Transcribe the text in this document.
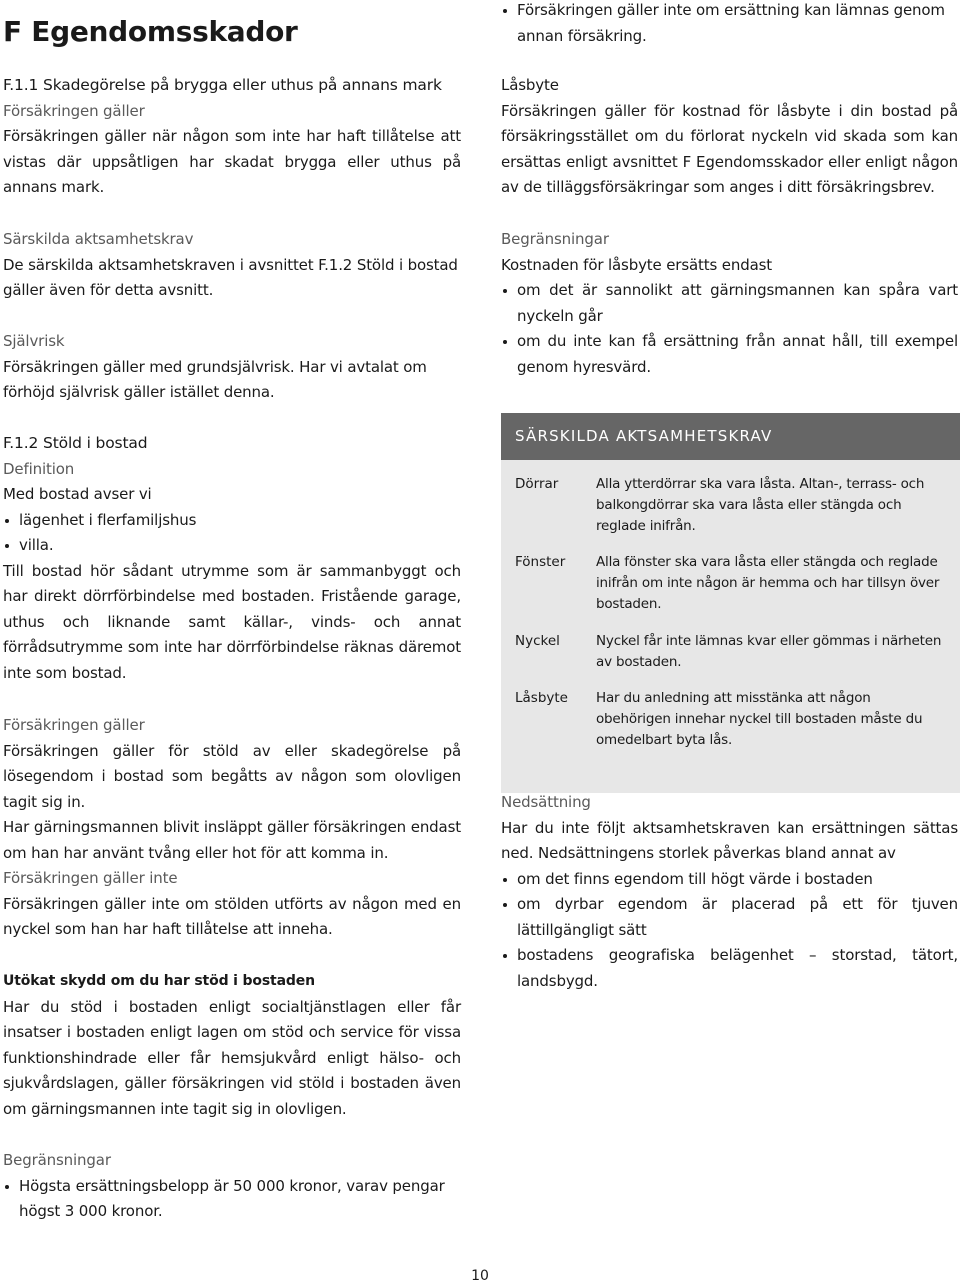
F Egendomsskador

F.1.1 Skadegörelse på brygga eller uthus på annans mark

Försäkringen gäller

Försäkringen gäller när någon som inte har haft tillåtelse att vistas där uppsåtligen har skadat brygga eller uthus på annans mark.

Särskilda aktsamhetskrav

De särskilda aktsamhetskraven i avsnittet F.1.2 Stöld i bostad gäller även för detta avsnitt.

Självrisk

Försäkringen gäller med grundsjälvrisk. Har vi avtalat om förhöjd självrisk gäller istället denna.

F.1.2 Stöld i bostad

Definition

Med bostad avser vi

lägenhet i flerfamiljshus
villa.

Till bostad hör sådant utrymme som är sammanbyggt och har direkt dörrförbindelse med bostaden. Fristående garage, uthus och liknande samt källar-, vinds- och annat förrådsutrymme som inte har dörrförbindelse räknas däremot inte som bostad.

Försäkringen gäller

Försäkringen gäller för stöld av eller skadegörelse på lösegendom i bostad som begåtts av någon som olovligen tagit sig in.

Har gärningsmannen blivit insläppt gäller försäkringen endast om han har använt tvång eller hot för att komma in.

Försäkringen gäller inte

Försäkringen gäller inte om stölden utförts av någon med en nyckel som han har haft tillåtelse att inneha.

Utökat skydd om du har stöd i bostaden

Har du stöd i bostaden enligt socialtjänstlagen eller får insatser i bostaden enligt lagen om stöd och service för vissa funktionshindrade eller får hemsjukvård enligt hälso- och sjukvårdslagen, gäller försäkringen vid stöld i bostaden även om gärningsmannen inte tagit sig in olovligen.

Begränsningar

Högsta ersättningsbelopp är 50 000 kronor, varav pengar högst 3 000 kronor.
Försäkringen gäller inte om ersättning kan lämnas genom annan försäkring.

Låsbyte

Försäkringen gäller för kostnad för låsbyte i din bostad på försäkringsstället om du förlorat nyckeln vid skada som kan ersättas enligt avsnittet F Egendomsskador eller enligt någon av de tilläggsförsäkringar som anges i ditt försäkringsbrev.

Begränsningar

Kostnaden för låsbyte ersätts endast

om det är sannolikt att gärningsmannen kan spåra vart nyckeln går
om du inte kan få ersättning från annat håll, till exempel genom hyresvärd.
SÄRSKILDA AKTSAMHETSKRAV
Dörrar	Alla ytterdörrar ska vara låsta. Altan-, terrass- och balkongdörrar ska vara låsta eller stängda och reglade inifrån.
Fönster	Alla fönster ska vara låsta eller stängda och reglade inifrån om inte någon är hemma och har tillsyn över bostaden.
Nyckel	Nyckel får inte lämnas kvar eller gömmas i närheten av bostaden.
Låsbyte	Har du anledning att misstänka att någon obehörigen innehar nyckel till bostaden måste du omedelbart byta lås.

Nedsättning

Har du inte följt aktsamhetskraven kan ersättningen sättas ned. Nedsättningens storlek påverkas bland annat av

om det finns egendom till högt värde i bostaden
om dyrbar egendom är placerad på ett för tjuven lättillgängligt sätt
bostadens geografiska belägenhet – storstad, tätort, landsbygd.
10
